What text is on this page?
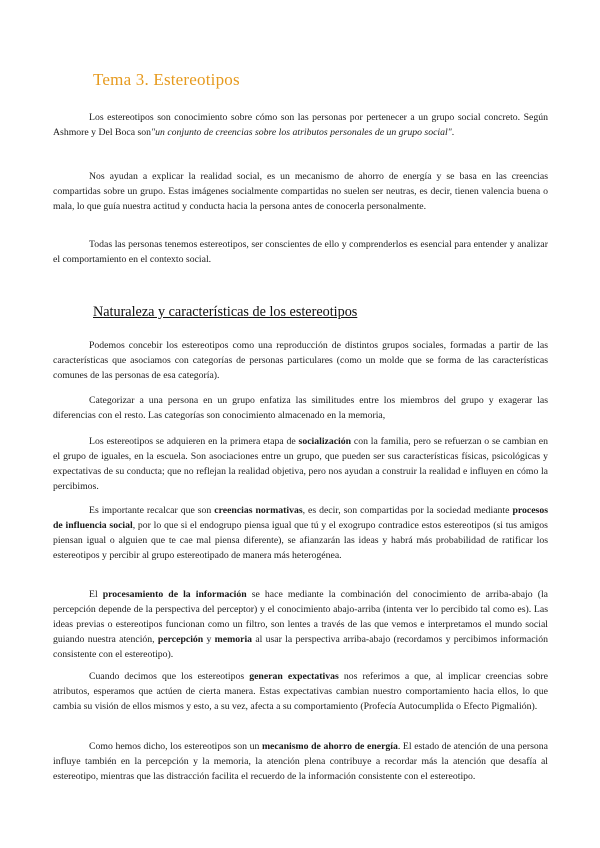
Tema 3. Estereotipos

Los estereotipos son conocimiento sobre cómo son las personas por pertenecer a un grupo social concreto. Según Ashmore y Del Boca son"un conjunto de creencias sobre los atributos personales de un grupo social".

Nos ayudan a explicar la realidad social, es un mecanismo de ahorro de energía y se basa en las creencias compartidas sobre un grupo. Estas imágenes socialmente compartidas no suelen ser neutras, es decir, tienen valencia buena o mala, lo que guía nuestra actitud y conducta hacia la persona antes de conocerla personalmente.

Todas las personas tenemos estereotipos, ser conscientes de ello y comprenderlos es esencial para entender y analizar el comportamiento en el contexto social.

Naturaleza y características de los estereotipos

Podemos concebir los estereotipos como una reproducción de distintos grupos sociales, formadas a partir de las características que asociamos con categorías de personas particulares (como un molde que se forma de las características comunes de las personas de esa categoría).

Categorizar a una persona en un grupo enfatiza las similitudes entre los miembros del grupo y exagerar las diferencias con el resto. Las categorías son conocimiento almacenado en la memoria,

Los estereotipos se adquieren en la primera etapa de socialización con la familia, pero se refuerzan o se cambian en el grupo de iguales, en la escuela. Son asociaciones entre un grupo, que pueden ser sus características físicas, psicológicas y expectativas de su conducta; que no reflejan la realidad objetiva, pero nos ayudan a construir la realidad e influyen en cómo la percibimos.

Es importante recalcar que son creencias normativas, es decir, son compartidas por la sociedad mediante procesos de influencia social, por lo que si el endogrupo piensa igual que tú y el exogrupo contradice estos estereotipos (si tus amigos piensan igual o alguien que te cae mal piensa diferente), se afianzarán las ideas y habrá más probabilidad de ratificar los estereotipos y percibir al grupo estereotipado de manera más heterogénea.

El procesamiento de la información se hace mediante la combinación del conocimiento de arriba-abajo (la percepción depende de la perspectiva del perceptor) y el conocimiento abajo-arriba (intenta ver lo percibido tal como es). Las ideas previas o estereotipos funcionan como un filtro, son lentes a través de las que vemos e interpretamos el mundo social guiando nuestra atención, percepción y memoria al usar la perspectiva arriba-abajo (recordamos y percibimos información consistente con el estereotipo).

Cuando decimos que los estereotipos generan expectativas nos referimos a que, al implicar creencias sobre atributos, esperamos que actúen de cierta manera. Estas expectativas cambian nuestro comportamiento hacia ellos, lo que cambia su visión de ellos mismos y esto, a su vez, afecta a su comportamiento (Profecía Autocumplida o Efecto Pigmalión).

Como hemos dicho, los estereotipos son un mecanismo de ahorro de energía. El estado de atención de una persona influye también en la percepción y la memoria, la atención plena contribuye a recordar más la atención que desafía al estereotipo, mientras que las distracción facilita el recuerdo de la información consistente con el estereotipo.
